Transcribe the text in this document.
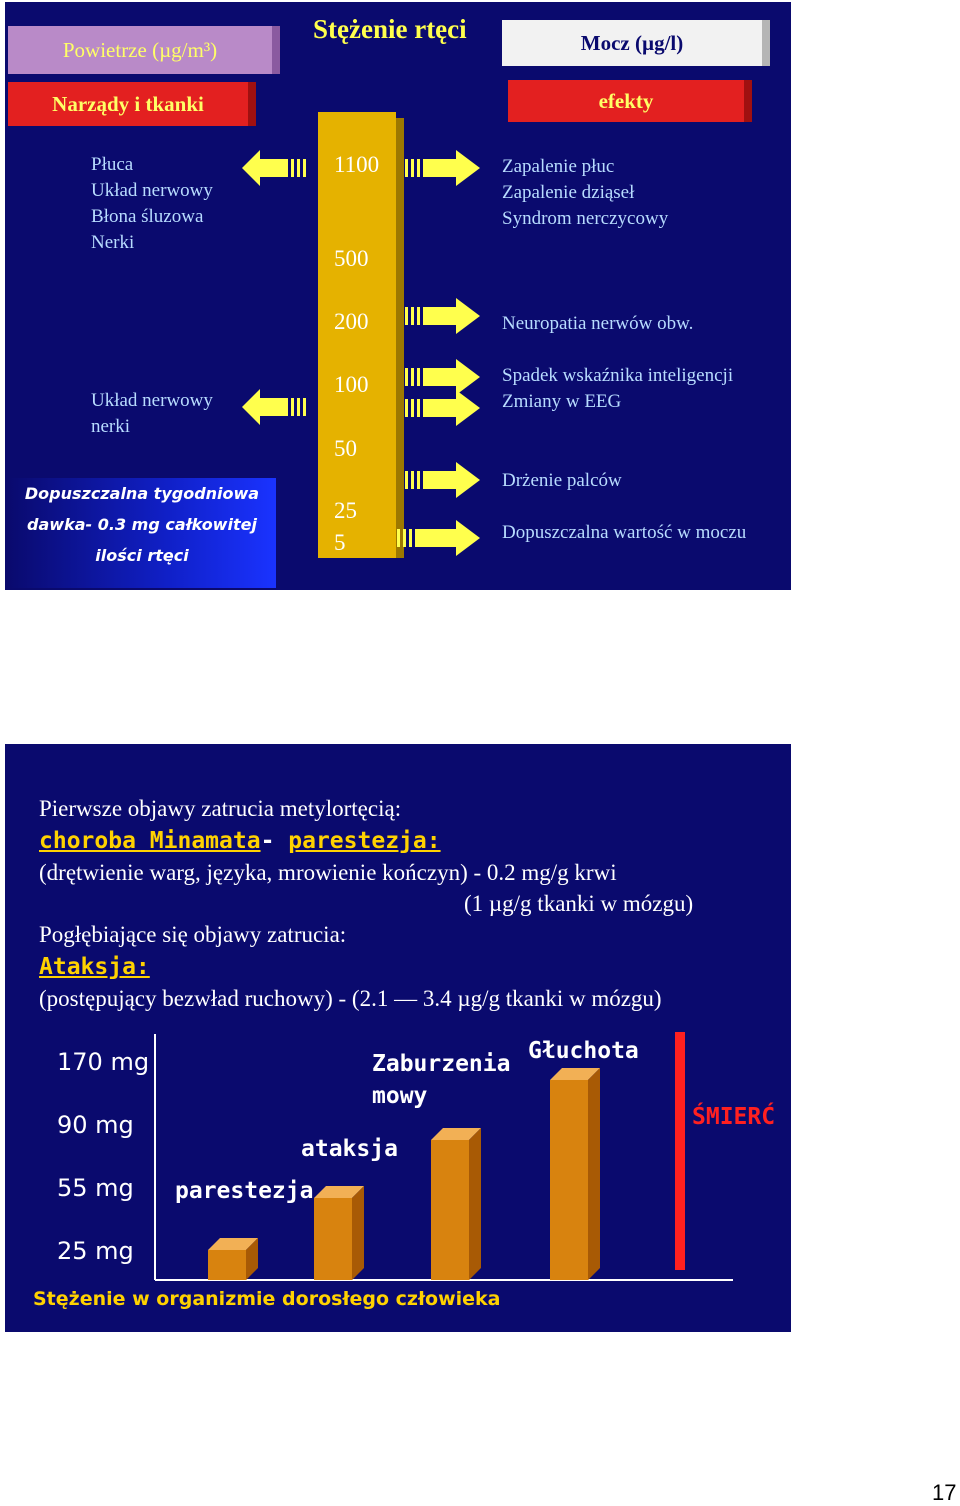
Powietrze (µg/m³)
Narządy i tkanki
Stężenie rtęci	Mocz (µg/l)
efekty
1100
500
200
100
50
25
5
Płuca
Układ nerwowy
Błona śluzowa
Nerki
Układ nerwowy
nerki
Dopuszczalna tygodniowa
dawka- 0.3 mg całkowitej
ilości rtęci
Zapalenie płuc
Zapalenie dziąseł
Syndrom nerczycowy
Neuropatia nerwów obw.
Spadek wskaźnika inteligencji
Zmiany w EEG
Drżenie palców
Dopuszczalna wartość w moczu
Pierwsze objawy zatrucia metylortęcią:
choroba Minamata- parestezja:
(drętwienie warg, języka, mrowienie kończyn) - 0.2 mg/g krwi
(1 µg/g tkanki w mózgu)
Pogłębiające się objawy zatrucia:
Ataksja:
(postępujący bezwład ruchowy) - (2.1 — 3.4 µg/g tkanki w mózgu)
170 mg
90 mg
55 mg
25 mg
parestezja
ataksja
Zaburzenia
mowy
Głuchota
ŚMIERĆ
Stężenie w organizmie dorosłego człowieka
17
